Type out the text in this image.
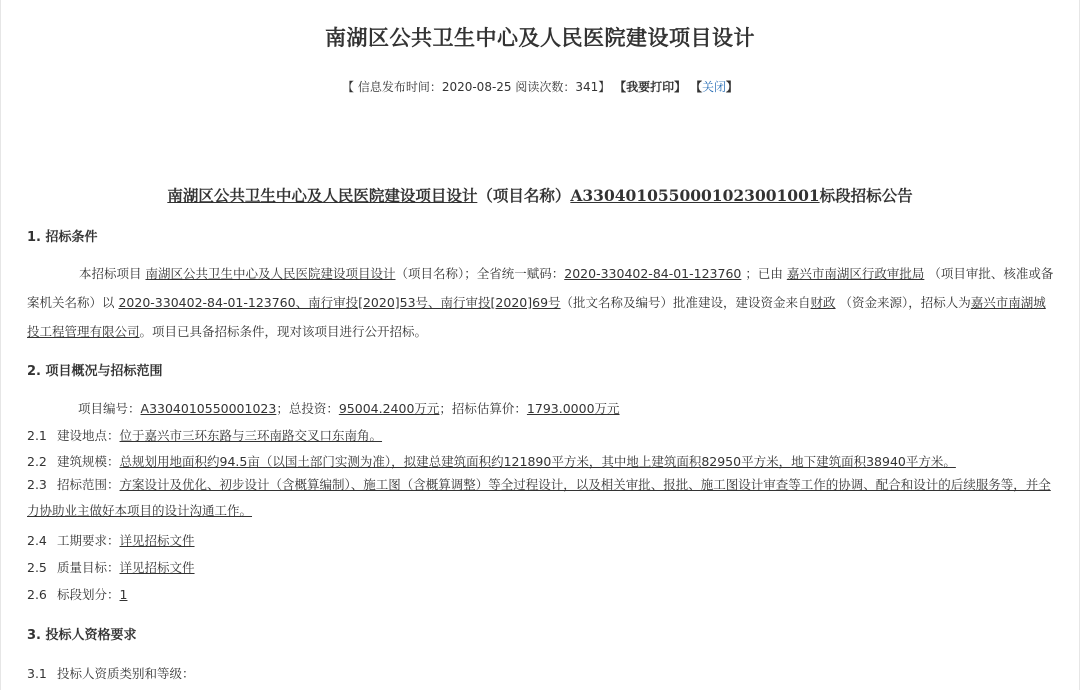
南湖区公共卫生中心及人民医院建设项目设计
【 信息发布时间：2020-08-25 阅读次数：341】 【我要打印】 【关闭】
南湖区公共卫生中心及人民医院建设项目设计（项目名称）A3304010550001023001001标段招标公告
1. 招标条件
本招标项目 南湖区公共卫生中心及人民医院建设项目设计（项目名称）；全省统一赋码：2020-330402-84-01-123760 ；已由 嘉兴市南湖区行政审批局 （项目审批、核准或备案机关名称）以 2020-330402-84-01-123760、南行审投[2020]53号、南行审投[2020]69号（批文名称及编号）批准建设，建设资金来自财政 （资金来源），招标人为嘉兴市南湖城投工程管理有限公司。项目已具备招标条件，现对该项目进行公开招标。
2. 项目概况与招标范围
项目编号：A3304010550001023；总投资：95004.2400万元；招标估算价：1793.0000万元
2.1 建设地点：位于嘉兴市三环东路与三环南路交叉口东南角。
2.2 建筑规模：总规划用地面积约94.5亩（以国土部门实测为准），拟建总建筑面积约121890平方米，其中地上建筑面积82950平方米，地下建筑面积38940平方米。
2.3 招标范围：方案设计及优化、初步设计（含概算编制）、施工图（含概算调整）等全过程设计，以及相关审批、报批、施工图设计审查等工作的协调、配合和设计的后续服务等，并全力协助业主做好本项目的设计沟通工作。
2.4 工期要求：详见招标文件
2.5 质量目标：详见招标文件
2.6 标段划分：1
3. 投标人资格要求
3.1 投标人资质类别和等级：
